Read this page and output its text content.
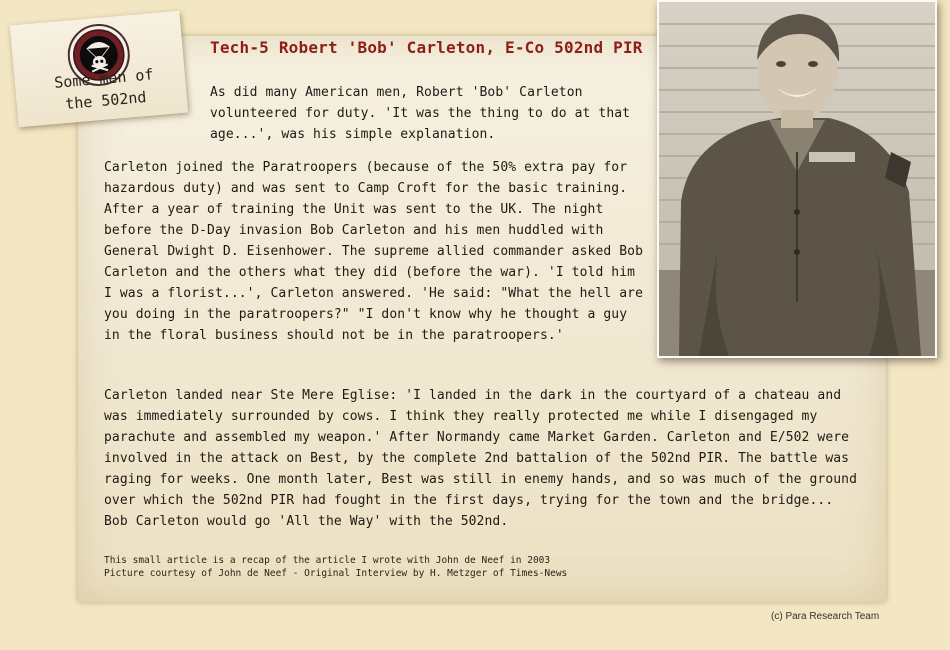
Some men of
the 502nd
Tech-5 Robert 'Bob' Carleton, E-Co 502nd PIR

As did many American men, Robert 'Bob' Carleton volunteered for duty. 'It was the thing to do at that age...', was his simple explanation.

Carleton joined the Paratroopers (because of the 50% extra pay for hazardous duty) and was sent to Camp Croft for the basic training. After a year of training the Unit was sent to the UK. The night before the D-Day invasion Bob Carleton and his men huddled with General Dwight D. Eisenhower. The supreme allied commander asked Bob Carleton and the others what they did (before the war). 'I told him I was a florist...', Carleton answered. 'He said: "What the hell are you doing in the paratroopers?" "I don't know why he thought a guy in the floral business should not be in the paratroopers.'

Carleton landed near Ste Mere Eglise: 'I landed in the dark in the courtyard of a chateau and was immediately surrounded by cows. I think they really protected me while I disengaged my parachute and assembled my weapon.' After Normandy came Market Garden. Carleton and E/502 were involved in the attack on Best, by the complete 2nd battalion of the 502nd PIR. The battle was raging for weeks. One month later, Best was still in enemy hands, and so was much of the ground over which the 502nd PIR had fought in the first days, trying for the town and the bridge... Bob Carleton would go 'All the Way' with the 502nd.

This small article is a recap of the article I wrote with John de Neef in 2003
Picture courtesy of John de Neef - Original Interview by H. Metzger of Times-News

(c) Para Research Team
